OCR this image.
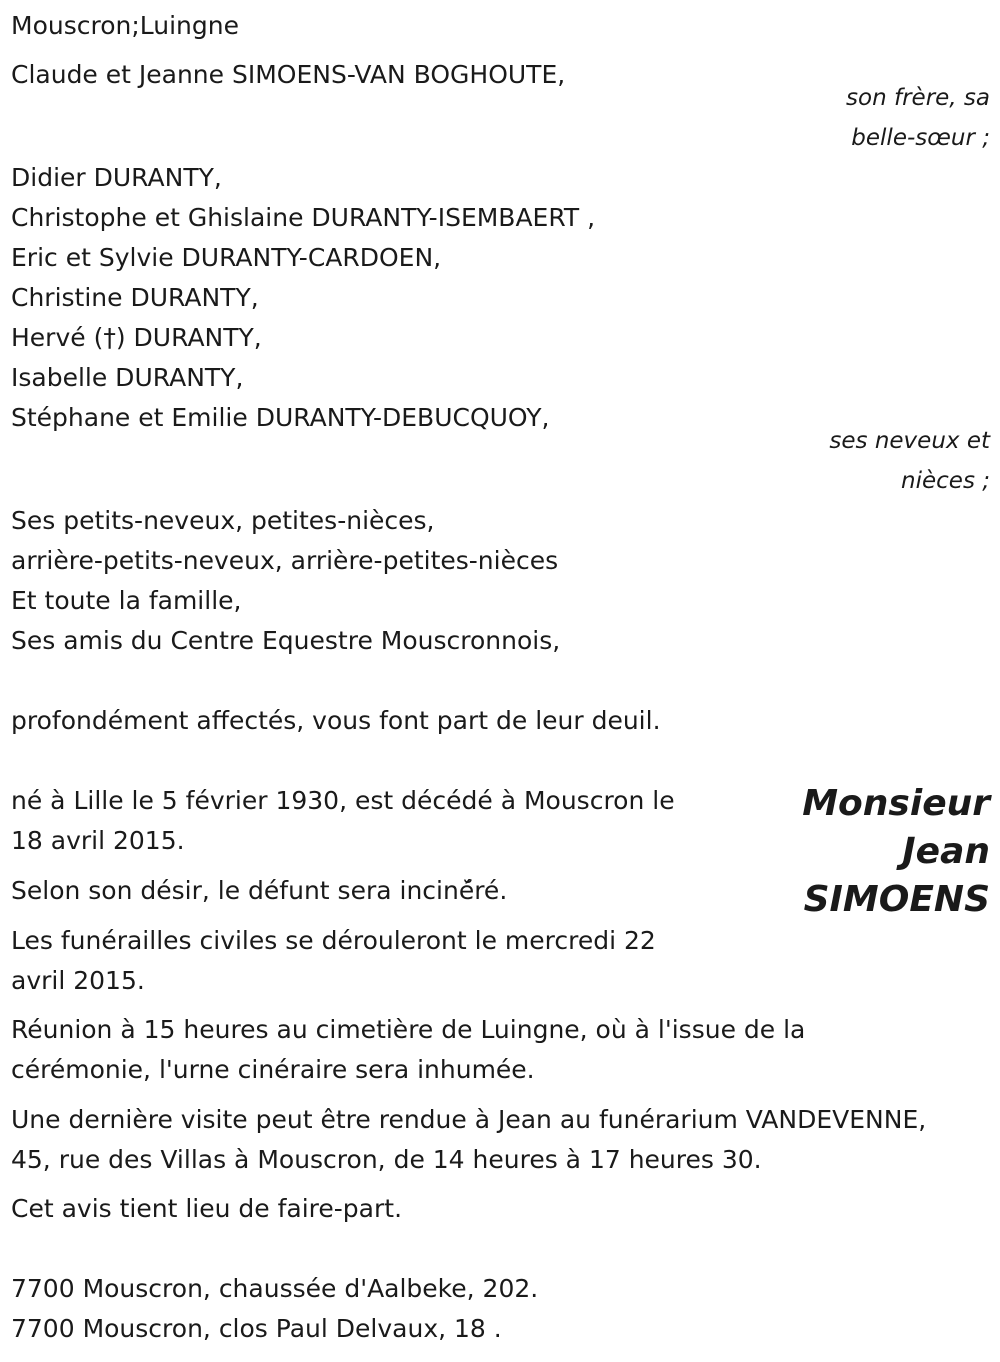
Mouscron;Luingne

Claude et Jeanne SIMOENS-VAN BOGHOUTE,

son frère, sa

belle-sœur ;

Didier DURANTY,

Christophe et Ghislaine DURANTY-ISEMBAERT ,

Eric et Sylvie DURANTY-CARDOEN,

Christine DURANTY,

Hervé (†) DURANTY,

Isabelle DURANTY,

Stéphane et Emilie DURANTY-DEBUCQUOY,

ses neveux et

nièces ;

Ses petits-neveux, petites-nièces,

arrière-petits-neveux, arrière-petites-nièces

Et toute la famille,

Ses amis du Centre Equestre Mouscronnois,

profondément affectés, vous font part de leur deuil.

Monsieur
Jean
SIMOENS

né à Lille le 5 février 1930, est décédé à Mouscron le

18 avril 2015.

Selon son désir, le défunt sera inciné̆ré.

Les funérailles civiles se dérouleront le mercredi 22

avril 2015.

Réunion à 15 heures au cimetière de Luingne, où à l'issue de la

cérémonie, l'urne cinéraire sera inhumée.

Une dernière visite peut être rendue à Jean au funérarium VANDEVENNE,

45, rue des Villas à Mouscron, de 14 heures à 17 heures 30.

Cet avis tient lieu de faire-part.

7700 Mouscron, chaussée d'Aalbeke, 202.

7700 Mouscron, clos Paul Delvaux, 18 .
